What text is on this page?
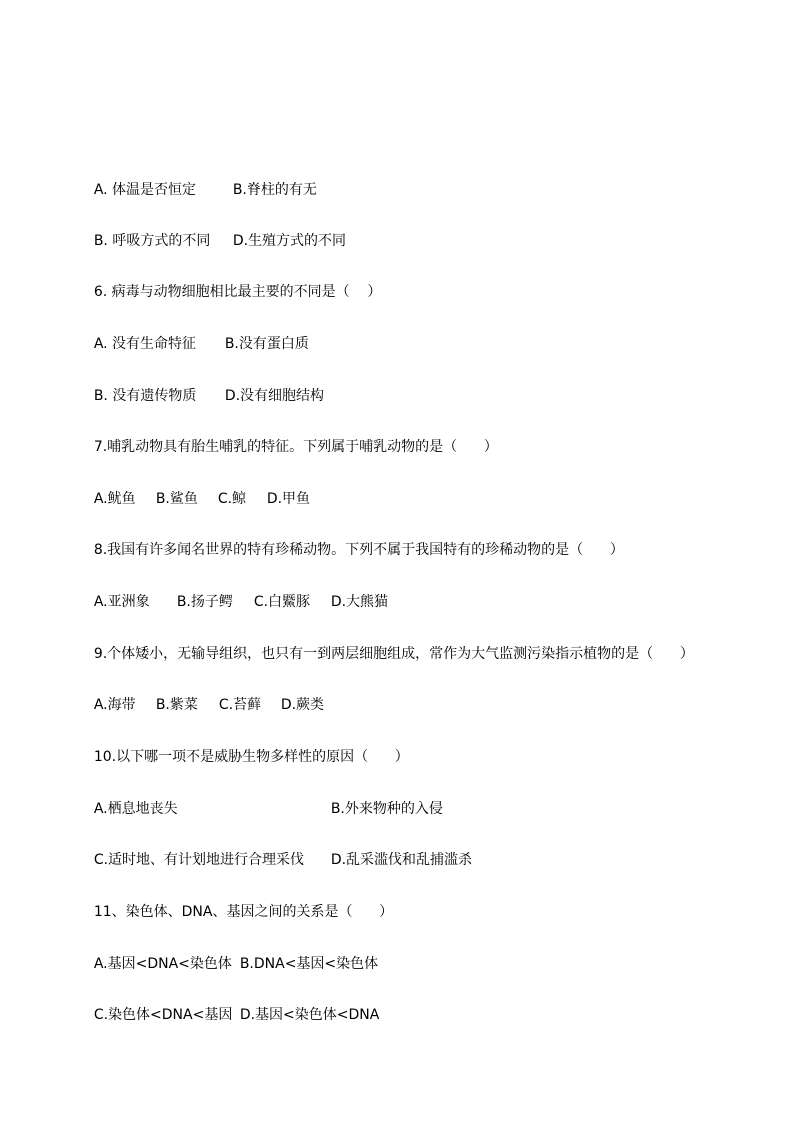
A. 体温是否恒定	B.脊柱的有无

B. 呼吸方式的不同 D.生殖方式的不同

6. 病毒与动物细胞相比最主要的不同是（    ）

A. 没有生命特征 B.没有蛋白质

B. 没有遗传物质 D.没有细胞结构

7.哺乳动物具有胎生哺乳的特征。下列属于哺乳动物的是（      ）

A.鱿鱼 B.鲨鱼 C.鲸 D.甲鱼

8.我国有许多闻名世界的特有珍稀动物。下列不属于我国特有的珍稀动物的是（      ）

A.亚洲象 B.扬子鳄 C.白鱀豚 D.大熊猫

9.个体矮小，无输导组织，也只有一到两层细胞组成，常作为大气监测污染指示植物的是（      ）

A.海带 B.紫菜 C.苔藓 D.蕨类

10.以下哪一项不是威胁生物多样性的原因（      ）

A.栖息地丧失	B.外来物种的入侵

C.适时地、有计划地进行合理采伐 D.乱采滥伐和乱捕滥杀

11、染色体、DNA、基因之间的关系是（      ）

A.基因<DNA<染色体 B.DNA<基因<染色体

C.染色体<DNA<基因 D.基因<染色体<DNA
